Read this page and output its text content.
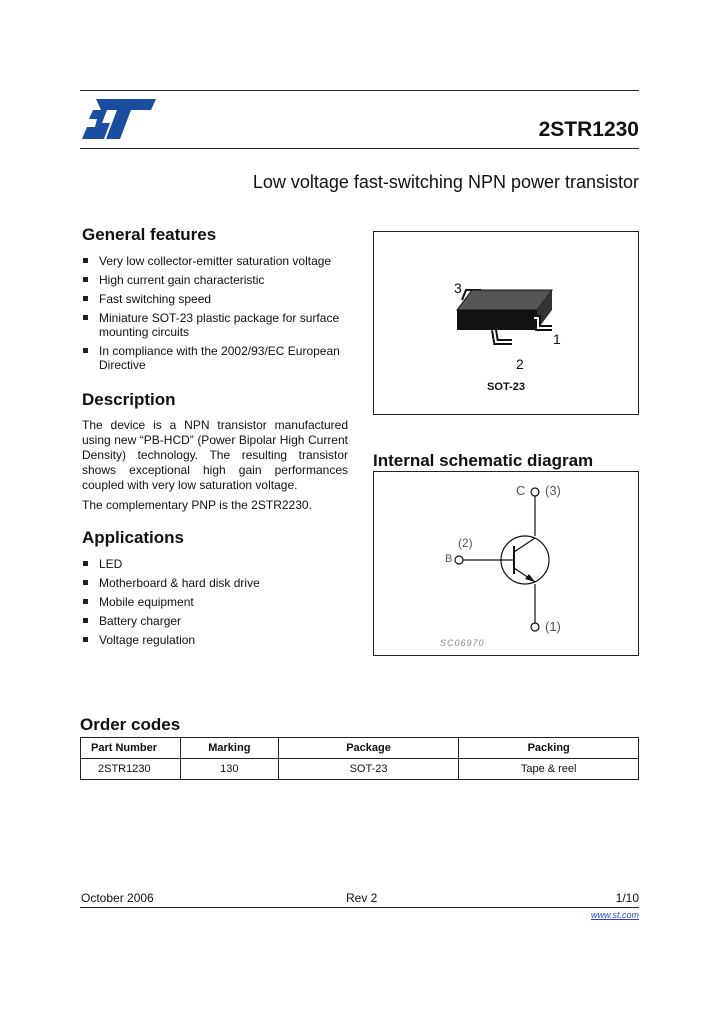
2STR1230
Low voltage fast-switching NPN power transistor
General features
Very low collector-emitter saturation voltage
High current gain characteristic
Fast switching speed
Miniature SOT-23 plastic package for surface mounting circuits
In compliance with the 2002/93/EC European Directive
3
1
2
SOT-23
Description
The device is a NPN transistor manufactured using new “PB-HCD” (Power Bipolar High Current Density) technology. The resulting transistor shows exceptional high gain performances coupled with very low saturation voltage.
The complementary PNP is the 2STR2230.
Internal schematic diagram
C (3)
(2)
B
(1)
SC06970
Applications
LED
Motherboard & hard disk drive
Mobile equipment
Battery charger
Voltage regulation
Order codes
Part Number	Marking	Package	Packing
2STR1230	130	SOT-23	Tape & reel
October 2006	Rev 2	1/10
www.st.com
